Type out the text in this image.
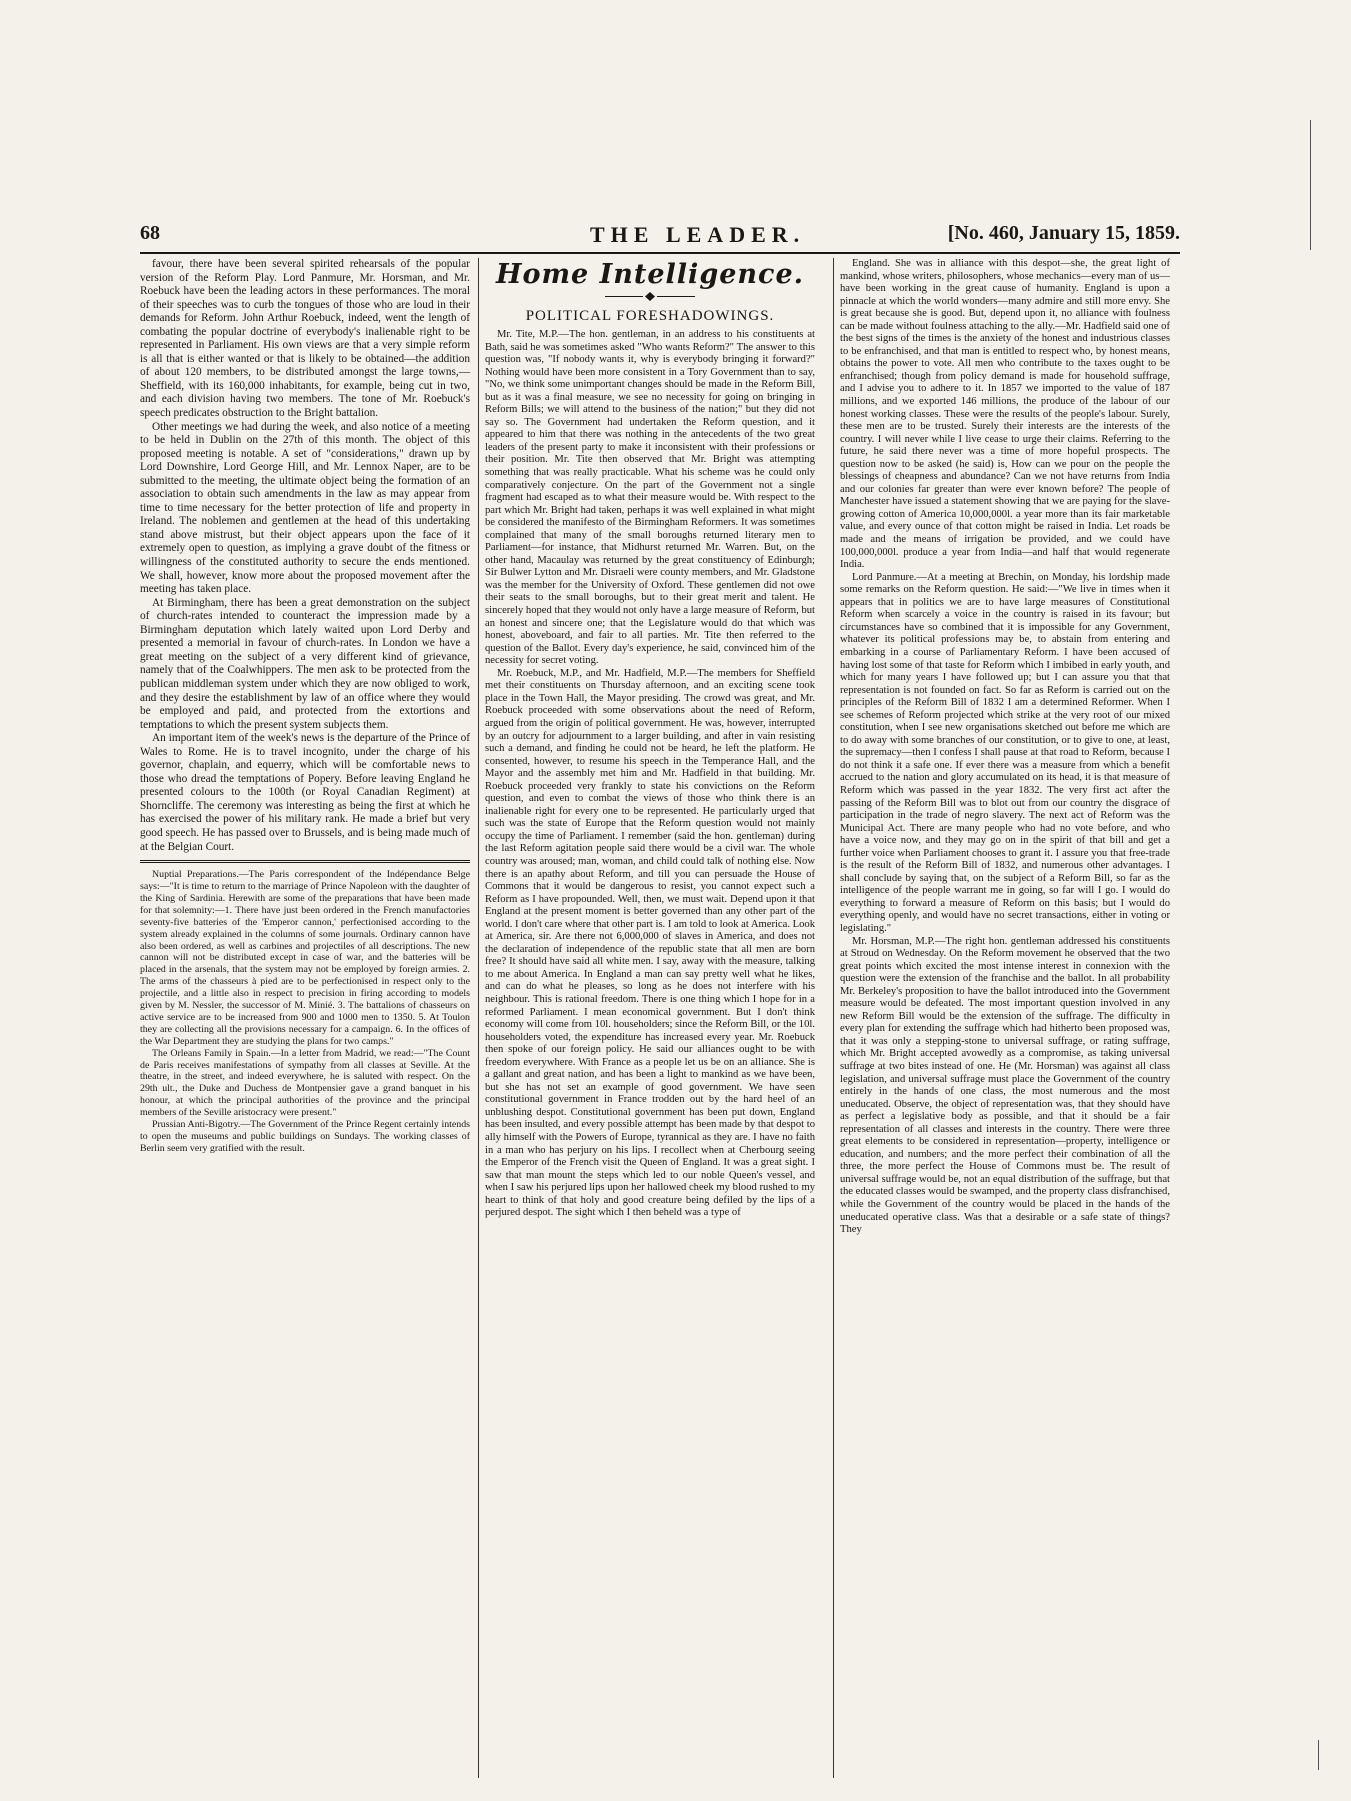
68	THE LEADER.	[No. 460, January 15, 1859.

favour, there have been several spirited rehearsals of the popular version of the Reform Play. Lord Panmure, Mr. Horsman, and Mr. Roebuck have been the leading actors in these performances. The moral of their speeches was to curb the tongues of those who are loud in their demands for Reform. John Arthur Roebuck, indeed, went the length of combating the popular doctrine of everybody's inalienable right to be represented in Parliament. His own views are that a very simple reform is all that is either wanted or that is likely to be obtained—the addition of about 120 members, to be distributed amongst the large towns,—Sheffield, with its 160,000 inhabitants, for example, being cut in two, and each division having two members. The tone of Mr. Roebuck's speech predicates obstruction to the Bright battalion.

Other meetings we had during the week, and also notice of a meeting to be held in Dublin on the 27th of this month. The object of this proposed meeting is notable. A set of "considerations," drawn up by Lord Downshire, Lord George Hill, and Mr. Lennox Naper, are to be submitted to the meeting, the ultimate object being the formation of an association to obtain such amendments in the law as may appear from time to time necessary for the better protection of life and property in Ireland. The noblemen and gentlemen at the head of this undertaking stand above mistrust, but their object appears upon the face of it extremely open to question, as implying a grave doubt of the fitness or willingness of the constituted authority to secure the ends mentioned. We shall, however, know more about the proposed movement after the meeting has taken place.

At Birmingham, there has been a great demonstration on the subject of church-rates intended to counteract the impression made by a Birmingham deputation which lately waited upon Lord Derby and presented a memorial in favour of church-rates. In London we have a great meeting on the subject of a very different kind of grievance, namely that of the Coalwhippers. The men ask to be protected from the publican middleman system under which they are now obliged to work, and they desire the establishment by law of an office where they would be employed and paid, and protected from the extortions and temptations to which the present system subjects them.

An important item of the week's news is the departure of the Prince of Wales to Rome. He is to travel incognito, under the charge of his governor, chaplain, and equerry, which will be comfortable news to those who dread the temptations of Popery. Before leaving England he presented colours to the 100th (or Royal Canadian Regiment) at Shorncliffe. The ceremony was interesting as being the first at which he has exercised the power of his military rank. He made a brief but very good speech. He has passed over to Brussels, and is being made much of at the Belgian Court.

Nuptial Preparations.—The Paris correspondent of the Indépendance Belge says:—"It is time to return to the marriage of Prince Napoleon with the daughter of the King of Sardinia. Herewith are some of the preparations that have been made for that solemnity:—1. There have just been ordered in the French manufactories seventy-five batteries of the 'Emperor cannon,' perfectionised according to the system already explained in the columns of some journals. Ordinary cannon have also been ordered, as well as carbines and projectiles of all descriptions. The new cannon will not be distributed except in case of war, and the batteries will be placed in the arsenals, that the system may not be employed by foreign armies. 2. The arms of the chasseurs à pied are to be perfectionised in respect only to the projectile, and a little also in respect to precision in firing according to models given by M. Nessler, the successor of M. Minié. 3. The battalions of chasseurs on active service are to be increased from 900 and 1000 men to 1350. 5. At Toulon they are collecting all the provisions necessary for a campaign. 6. In the offices of the War Department they are studying the plans for two camps."

The Orleans Family in Spain.—In a letter from Madrid, we read:—"The Count de Paris receives manifestations of sympathy from all classes at Seville. At the theatre, in the street, and indeed everywhere, he is saluted with respect. On the 29th ult., the Duke and Duchess de Montpensier gave a grand banquet in his honour, at which the principal authorities of the province and the principal members of the Seville aristocracy were present."

Prussian Anti-Bigotry.—The Government of the Prince Regent certainly intends to open the museums and public buildings on Sundays. The working classes of Berlin seem very gratified with the result.

Home Intelligence.
POLITICAL FORESHADOWINGS.

Mr. Tite, M.P.—The hon. gentleman, in an address to his constituents at Bath, said he was sometimes asked "Who wants Reform?" The answer to this question was, "If nobody wants it, why is everybody bringing it forward?" Nothing would have been more consistent in a Tory Government than to say, "No, we think some unimportant changes should be made in the Reform Bill, but as it was a final measure, we see no necessity for going on bringing in Reform Bills; we will attend to the business of the nation;" but they did not say so. The Government had undertaken the Reform question, and it appeared to him that there was nothing in the antecedents of the two great leaders of the present party to make it inconsistent with their professions or their position. Mr. Tite then observed that Mr. Bright was attempting something that was really practicable. What his scheme was he could only comparatively conjecture. On the part of the Government not a single fragment had escaped as to what their measure would be. With respect to the part which Mr. Bright had taken, perhaps it was well explained in what might be considered the manifesto of the Birmingham Reformers. It was sometimes complained that many of the small boroughs returned literary men to Parliament—for instance, that Midhurst returned Mr. Warren. But, on the other hand, Macaulay was returned by the great constituency of Edinburgh; Sir Bulwer Lytton and Mr. Disraeli were county members, and Mr. Gladstone was the member for the University of Oxford. These gentlemen did not owe their seats to the small boroughs, but to their great merit and talent. He sincerely hoped that they would not only have a large measure of Reform, but an honest and sincere one; that the Legislature would do that which was honest, aboveboard, and fair to all parties. Mr. Tite then referred to the question of the Ballot. Every day's experience, he said, convinced him of the necessity for secret voting.

Mr. Roebuck, M.P., and Mr. Hadfield, M.P.—The members for Sheffield met their constituents on Thursday afternoon, and an exciting scene took place in the Town Hall, the Mayor presiding. The crowd was great, and Mr. Roebuck proceeded with some observations about the need of Reform, argued from the origin of political government. He was, however, interrupted by an outcry for adjournment to a larger building, and after in vain resisting such a demand, and finding he could not be heard, he left the platform. He consented, however, to resume his speech in the Temperance Hall, and the Mayor and the assembly met him and Mr. Hadfield in that building. Mr. Roebuck proceeded very frankly to state his convictions on the Reform question, and even to combat the views of those who think there is an inalienable right for every one to be represented. He particularly urged that such was the state of Europe that the Reform question would not mainly occupy the time of Parliament. I remember (said the hon. gentleman) during the last Reform agitation people said there would be a civil war. The whole country was aroused; man, woman, and child could talk of nothing else. Now there is an apathy about Reform, and till you can persuade the House of Commons that it would be dangerous to resist, you cannot expect such a Reform as I have propounded. Well, then, we must wait. Depend upon it that England at the present moment is better governed than any other part of the world. I don't care where that other part is. I am told to look at America. Look at America, sir. Are there not 6,000,000 of slaves in America, and does not the declaration of independence of the republic state that all men are born free? It should have said all white men. I say, away with the measure, talking to me about America. In England a man can say pretty well what he likes, and can do what he pleases, so long as he does not interfere with his neighbour. This is rational freedom. There is one thing which I hope for in a reformed Parliament. I mean economical government. But I don't think economy will come from 10l. householders; since the Reform Bill, or the 10l. householders voted, the expenditure has increased every year. Mr. Roebuck then spoke of our foreign policy. He said our alliances ought to be with freedom everywhere. With France as a people let us be on an alliance. She is a gallant and great nation, and has been a light to mankind as we have been, but she has not set an example of good government. We have seen constitutional government in France trodden out by the hard heel of an unblushing despot. Constitutional government has been put down, England has been insulted, and every possible attempt has been made by that despot to ally himself with the Powers of Europe, tyrannical as they are. I have no faith in a man who has perjury on his lips. I recollect when at Cherbourg seeing the Emperor of the French visit the Queen of England. It was a great sight. I saw that man mount the steps which led to our noble Queen's vessel, and when I saw his perjured lips upon her hallowed cheek my blood rushed to my heart to think of that holy and good creature being defiled by the lips of a perjured despot. The sight which I then beheld was a type of

England. She was in alliance with this despot—she, the great light of mankind, whose writers, philosophers, whose mechanics—every man of us—have been working in the great cause of humanity. England is upon a pinnacle at which the world wonders—many admire and still more envy. She is great because she is good. But, depend upon it, no alliance with foulness can be made without foulness attaching to the ally.—Mr. Hadfield said one of the best signs of the times is the anxiety of the honest and industrious classes to be enfranchised, and that man is entitled to respect who, by honest means, obtains the power to vote. All men who contribute to the taxes ought to be enfranchised; though from policy demand is made for household suffrage, and I advise you to adhere to it. In 1857 we imported to the value of 187 millions, and we exported 146 millions, the produce of the labour of our honest working classes. These were the results of the people's labour. Surely, these men are to be trusted. Surely their interests are the interests of the country. I will never while I live cease to urge their claims. Referring to the future, he said there never was a time of more hopeful prospects. The question now to be asked (he said) is, How can we pour on the people the blessings of cheapness and abundance? Can we not have returns from India and our colonies far greater than were ever known before? The people of Manchester have issued a statement showing that we are paying for the slave-growing cotton of America 10,000,000l. a year more than its fair marketable value, and every ounce of that cotton might be raised in India. Let roads be made and the means of irrigation be provided, and we could have 100,000,000l. produce a year from India—and half that would regenerate India.

Lord Panmure.—At a meeting at Brechin, on Monday, his lordship made some remarks on the Reform question. He said:—"We live in times when it appears that in politics we are to have large measures of Constitutional Reform when scarcely a voice in the country is raised in its favour; but circumstances have so combined that it is impossible for any Government, whatever its political professions may be, to abstain from entering and embarking in a course of Parliamentary Reform. I have been accused of having lost some of that taste for Reform which I imbibed in early youth, and which for many years I have followed up; but I can assure you that that representation is not founded on fact. So far as Reform is carried out on the principles of the Reform Bill of 1832 I am a determined Reformer. When I see schemes of Reform projected which strike at the very root of our mixed constitution, when I see new organisations sketched out before me which are to do away with some branches of our constitution, or to give to one, at least, the supremacy—then I confess I shall pause at that road to Reform, because I do not think it a safe one. If ever there was a measure from which a benefit accrued to the nation and glory accumulated on its head, it is that measure of Reform which was passed in the year 1832. The very first act after the passing of the Reform Bill was to blot out from our country the disgrace of participation in the trade of negro slavery. The next act of Reform was the Municipal Act. There are many people who had no vote before, and who have a voice now, and they may go on in the spirit of that bill and get a further voice when Parliament chooses to grant it. I assure you that free-trade is the result of the Reform Bill of 1832, and numerous other advantages. I shall conclude by saying that, on the subject of a Reform Bill, so far as the intelligence of the people warrant me in going, so far will I go. I would do everything to forward a measure of Reform on this basis; but I would do everything openly, and would have no secret transactions, either in voting or legislating."

Mr. Horsman, M.P.—The right hon. gentleman addressed his constituents at Stroud on Wednesday. On the Reform movement he observed that the two great points which excited the most intense interest in connexion with the question were the extension of the franchise and the ballot. In all probability Mr. Berkeley's proposition to have the ballot introduced into the Government measure would be defeated. The most important question involved in any new Reform Bill would be the extension of the suffrage. The difficulty in every plan for extending the suffrage which had hitherto been proposed was, that it was only a stepping-stone to universal suffrage, or rating suffrage, which Mr. Bright accepted avowedly as a compromise, as taking universal suffrage at two bites instead of one. He (Mr. Horsman) was against all class legislation, and universal suffrage must place the Government of the country entirely in the hands of one class, the most numerous and the most uneducated. Observe, the object of representation was, that they should have as perfect a legislative body as possible, and that it should be a fair representation of all classes and interests in the country. There were three great elements to be considered in representation—property, intelligence or education, and numbers; and the more perfect their combination of all the three, the more perfect the House of Commons must be. The result of universal suffrage would be, not an equal distribution of the suffrage, but that the educated classes would be swamped, and the property class disfranchised, while the Government of the country would be placed in the hands of the uneducated operative class. Was that a desirable or a safe state of things? They
